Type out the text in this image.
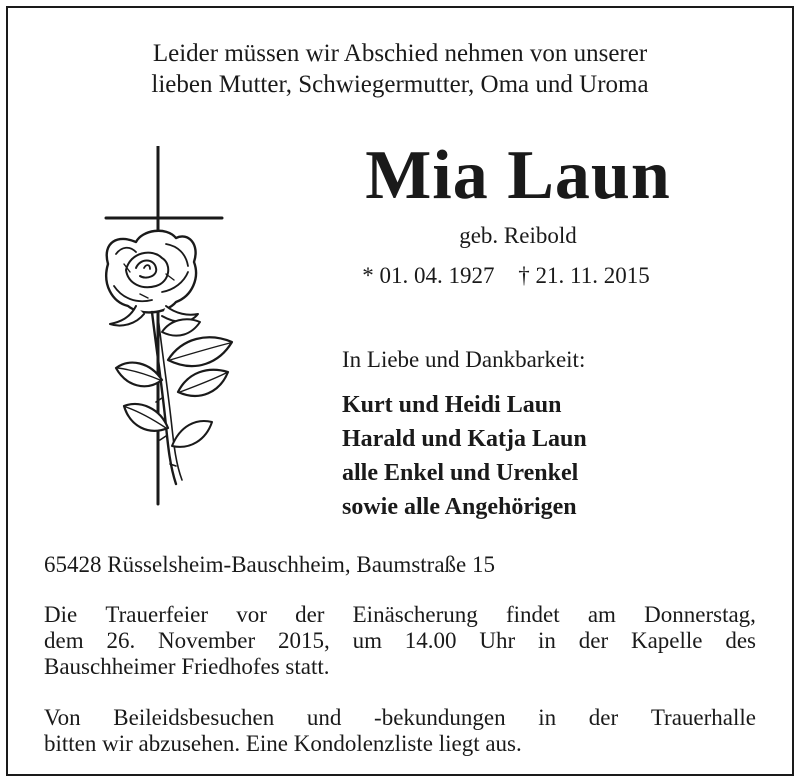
Leider müssen wir Abschied nehmen von unserer
lieben Mutter, Schwiegermutter, Oma und Uroma
Mia Laun
geb. Reibold
* 01. 04. 1927 † 21. 11. 2015
In Liebe und Dankbarkeit:
Kurt und Heidi Laun
Harald und Katja Laun
alle Enkel und Urenkel
sowie alle Angehörigen
65428 Rüsselsheim-Bauschheim, Baumstraße 15
Die Trauerfeier vor der Einäscherung findet am Donnerstag,
dem 26. November 2015, um 14.00 Uhr in der Kapelle des
Bauschheimer Friedhofes statt.
Von Beileidsbesuchen und -bekundungen in der Trauerhalle
bitten wir abzusehen. Eine Kondolenzliste liegt aus.
